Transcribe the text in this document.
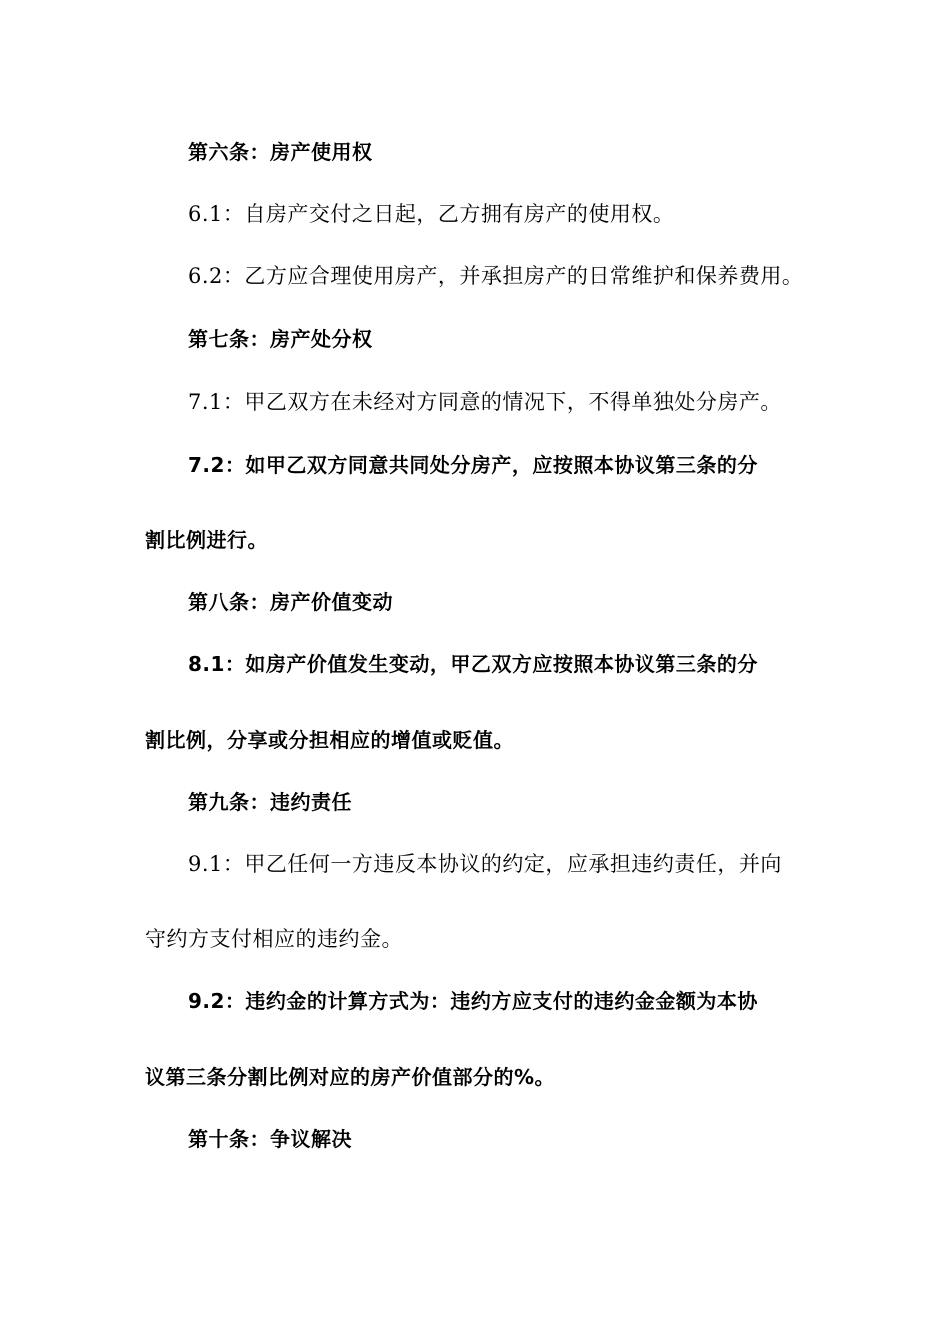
第六条：房产使用权
6.1：自房产交付之日起，乙方拥有房产的使用权。
6.2：乙方应合理使用房产，并承担房产的日常维护和保养费用。
第七条：房产处分权
7.1：甲乙双方在未经对方同意的情况下，不得单独处分房产。
7.2：如甲乙双方同意共同处分房产，应按照本协议第三条的分
割比例进行。
第八条：房产价值变动
8.1：如房产价值发生变动，甲乙双方应按照本协议第三条的分
割比例，分享或分担相应的增值或贬值。
第九条：违约责任
9.1：甲乙任何一方违反本协议的约定，应承担违约责任，并向
守约方支付相应的违约金。
9.2：违约金的计算方式为：违约方应支付的违约金金额为本协
议第三条分割比例对应的房产价值部分的%。
第十条：争议解决
